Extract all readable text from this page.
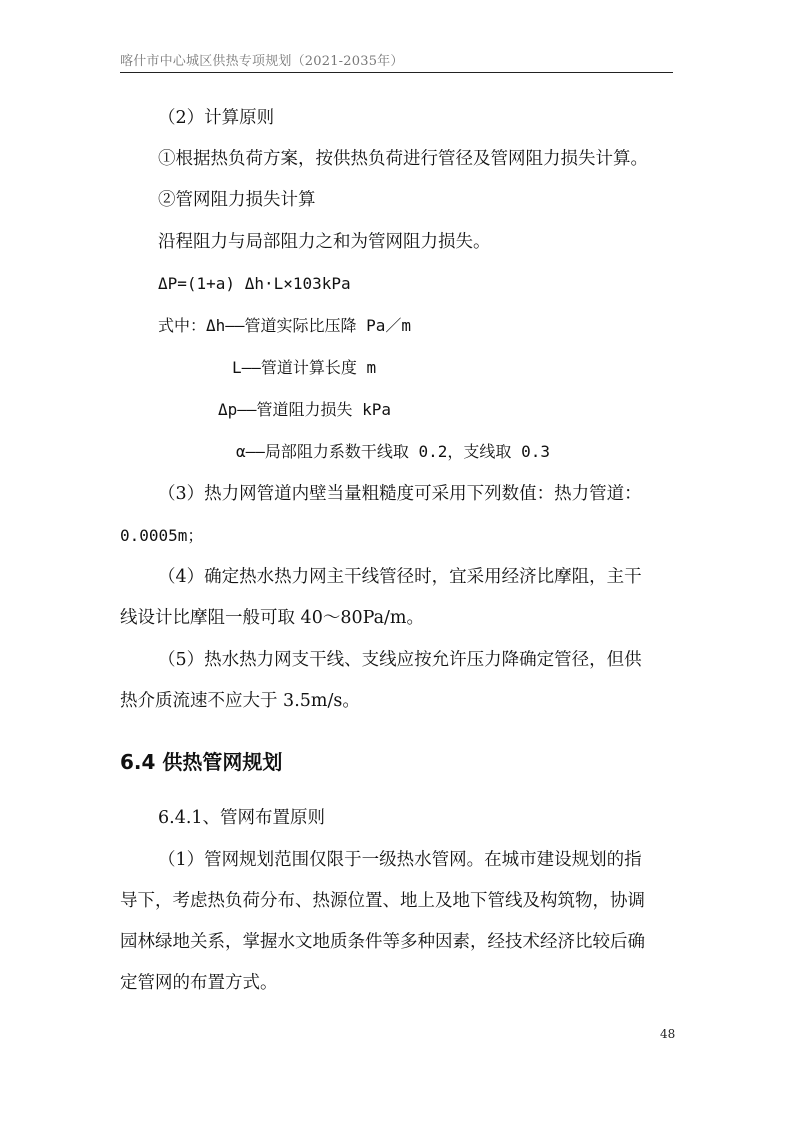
喀什市中心城区供热专项规划（2021-2035年）
（2）计算原则
①根据热负荷方案，按供热负荷进行管径及管网阻力损失计算。
②管网阻力损失计算
沿程阻力与局部阻力之和为管网阻力损失。
ΔP=(1+a) Δh·L×103kPa
式中：Δh——管道实际比压降 Pa／m
L——管道计算长度 m
Δp——管道阻力损失 kPa
α——局部阻力系数干线取 0.2，支线取 0.3
（3）热力网管道内壁当量粗糙度可采用下列数值：热力管道：
0.0005m；
（4）确定热水热力网主干线管径时，宜采用经济比摩阻，主干
线设计比摩阻一般可取 40～80Pa/m。
（5）热水热力网支干线、支线应按允许压力降确定管径，但供
热介质流速不应大于 3.5m/s。
6.4 供热管网规划
6.4.1、管网布置原则
（1）管网规划范围仅限于一级热水管网。在城市建设规划的指
导下，考虑热负荷分布、热源位置、地上及地下管线及构筑物，协调
园林绿地关系，掌握水文地质条件等多种因素，经技术经济比较后确
定管网的布置方式。
48
